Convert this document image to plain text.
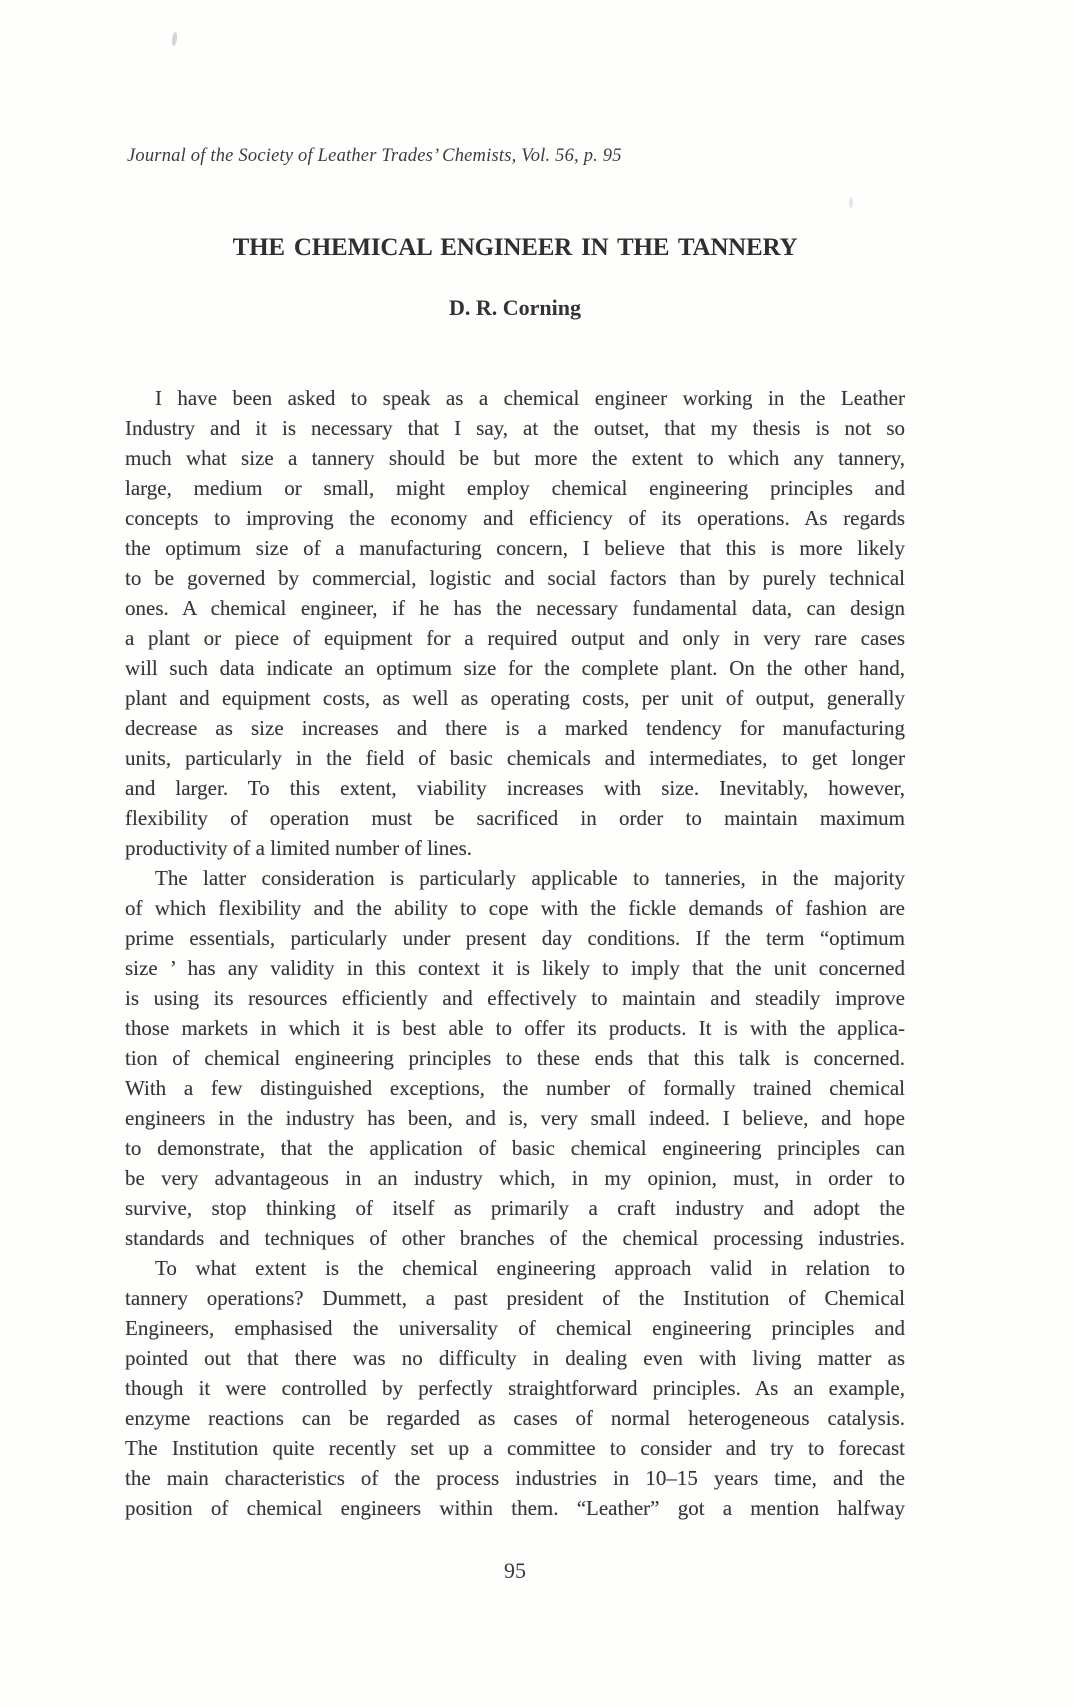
Journal of the Society of Leather Trades’ Chemists, Vol. 56, p. 95
THE CHEMICAL ENGINEER IN THE TANNERY
D. R. Corning
I have been asked to speak as a chemical engineer working in the Leather
Industry and it is necessary that I say, at the outset, that my thesis is not so
much what size a tannery should be but more the extent to which any tannery,
large, medium or small, might employ chemical engineering principles and
concepts to improving the economy and efficiency of its operations. As regards
the optimum size of a manufacturing concern, I believe that this is more likely
to be governed by commercial, logistic and social factors than by purely technical
ones. A chemical engineer, if he has the necessary fundamental data, can design
a plant or piece of equipment for a required output and only in very rare cases
will such data indicate an optimum size for the complete plant. On the other hand,
plant and equipment costs, as well as operating costs, per unit of output, generally
decrease as size increases and there is a marked tendency for manufacturing
units, particularly in the field of basic chemicals and intermediates, to get longer
and larger. To this extent, viability increases with size. Inevitably, however,
flexibility of operation must be sacrificed in order to maintain maximum
productivity of a limited number of lines.
The latter consideration is particularly applicable to tanneries, in the majority
of which flexibility and the ability to cope with the fickle demands of fashion are
prime essentials, particularly under present day conditions. If the term “optimum
size ’ has any validity in this context it is likely to imply that the unit concerned
is using its resources efficiently and effectively to maintain and steadily improve
those markets in which it is best able to offer its products. It is with the applica-
tion of chemical engineering principles to these ends that this talk is concerned.
With a few distinguished exceptions, the number of formally trained chemical
engineers in the industry has been, and is, very small indeed. I believe, and hope
to demonstrate, that the application of basic chemical engineering principles can
be very advantageous in an industry which, in my opinion, must, in order to
survive, stop thinking of itself as primarily a craft industry and adopt the
standards and techniques of other branches of the chemical processing industries.
To what extent is the chemical engineering approach valid in relation to
tannery operations? Dummett, a past president of the Institution of Chemical
Engineers, emphasised the universality of chemical engineering principles and
pointed out that there was no difficulty in dealing even with living matter as
though it were controlled by perfectly straightforward principles. As an example,
enzyme reactions can be regarded as cases of normal heterogeneous catalysis.
The Institution quite recently set up a committee to consider and try to forecast
the main characteristics of the process industries in 10–15 years time, and the
position of chemical engineers within them. “Leather” got a mention halfway
95
